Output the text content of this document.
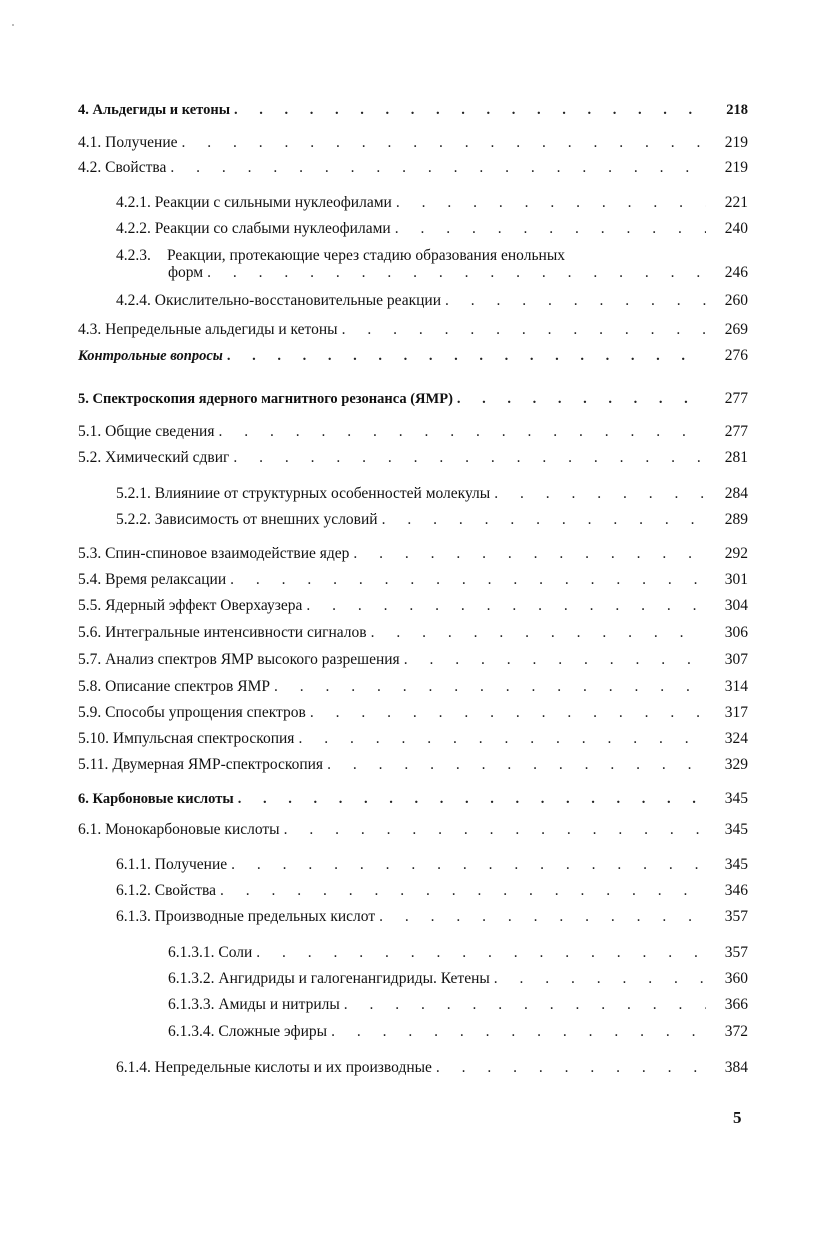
4. Альдегиды и кетоны . . .	218
4.1. Получение . . .	219
4.2. Свойства . . .	219
4.2.1. Реакции с сильными нуклеофилами . . .	221
4.2.2. Реакции со слабыми нуклеофилами . . .	240
4.2.3. Реакции, протекающие через стадию образования енольных
форм . . .	246
4.2.4. Окислительно-восстановительные реакции . . .	260
4.3. Непредельные альдегиды и кетоны . . .	269
Контрольные вопросы . . .	276
5. Спектроскопия ядерного магнитного резонанса (ЯМР) . . .	277
5.1. Общие сведения . . .	277
5.2. Химический сдвиг . . .	281
5.2.1. Влияниие от структурных особенностей молекулы . . .	284
5.2.2. Зависимость от внешних условий . . .	289
5.3. Спин-спиновое взаимодействие ядер . . .	292
5.4. Время релаксации . . .	301
5.5. Ядерный эффект Оверхаузера . . .	304
5.6. Интегральные интенсивности сигналов . . .	306
5.7. Анализ спектров ЯМР высокого разрешения . . .	307
5.8. Описание спектров ЯМР . . .	314
5.9. Способы упрощения спектров . . .	317
5.10. Импульсная спектроскопия . . .	324
5.11. Двумерная ЯМР-спектроскопия . . .	329
6. Карбоновые кислоты . . .	345
6.1. Монокарбоновые кислоты . . .	345
6.1.1. Получение . . .	345
6.1.2. Свойства . . .	346
6.1.3. Производные предельных кислот . . .	357
6.1.3.1. Соли . . .	357
6.1.3.2. Ангидриды и галогенангидриды. Кетены . . .	360
6.1.3.3. Амиды и нитрилы . . .	366
6.1.3.4. Сложные эфиры . . .	372
6.1.4. Непредельные кислоты и их производные . . .	384
5
